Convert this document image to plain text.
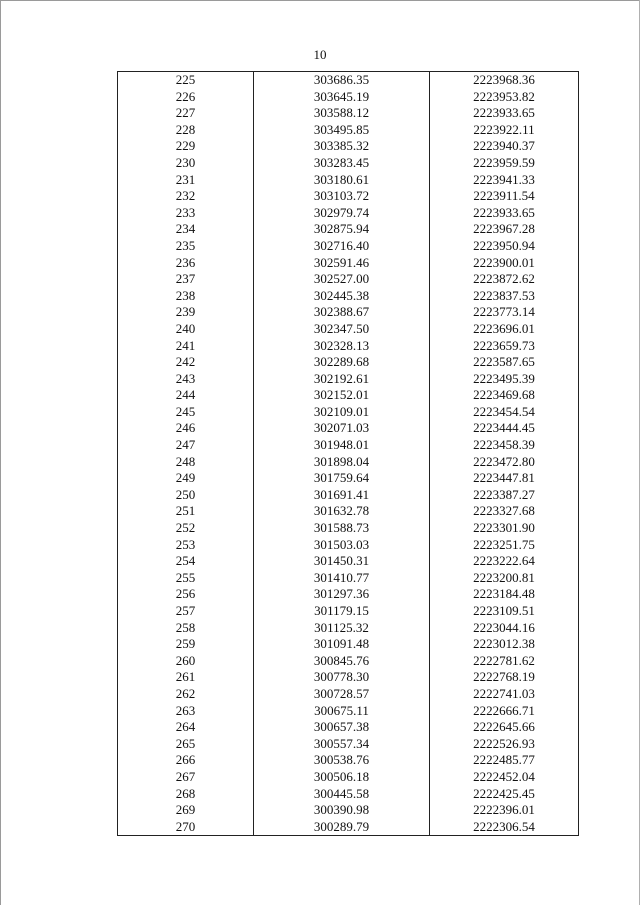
10
225	303686.35	2223968.36
226	303645.19	2223953.82
227	303588.12	2223933.65
228	303495.85	2223922.11
229	303385.32	2223940.37
230	303283.45	2223959.59
231	303180.61	2223941.33
232	303103.72	2223911.54
233	302979.74	2223933.65
234	302875.94	2223967.28
235	302716.40	2223950.94
236	302591.46	2223900.01
237	302527.00	2223872.62
238	302445.38	2223837.53
239	302388.67	2223773.14
240	302347.50	2223696.01
241	302328.13	2223659.73
242	302289.68	2223587.65
243	302192.61	2223495.39
244	302152.01	2223469.68
245	302109.01	2223454.54
246	302071.03	2223444.45
247	301948.01	2223458.39
248	301898.04	2223472.80
249	301759.64	2223447.81
250	301691.41	2223387.27
251	301632.78	2223327.68
252	301588.73	2223301.90
253	301503.03	2223251.75
254	301450.31	2223222.64
255	301410.77	2223200.81
256	301297.36	2223184.48
257	301179.15	2223109.51
258	301125.32	2223044.16
259	301091.48	2223012.38
260	300845.76	2222781.62
261	300778.30	2222768.19
262	300728.57	2222741.03
263	300675.11	2222666.71
264	300657.38	2222645.66
265	300557.34	2222526.93
266	300538.76	2222485.77
267	300506.18	2222452.04
268	300445.58	2222425.45
269	300390.98	2222396.01
270	300289.79	2222306.54
